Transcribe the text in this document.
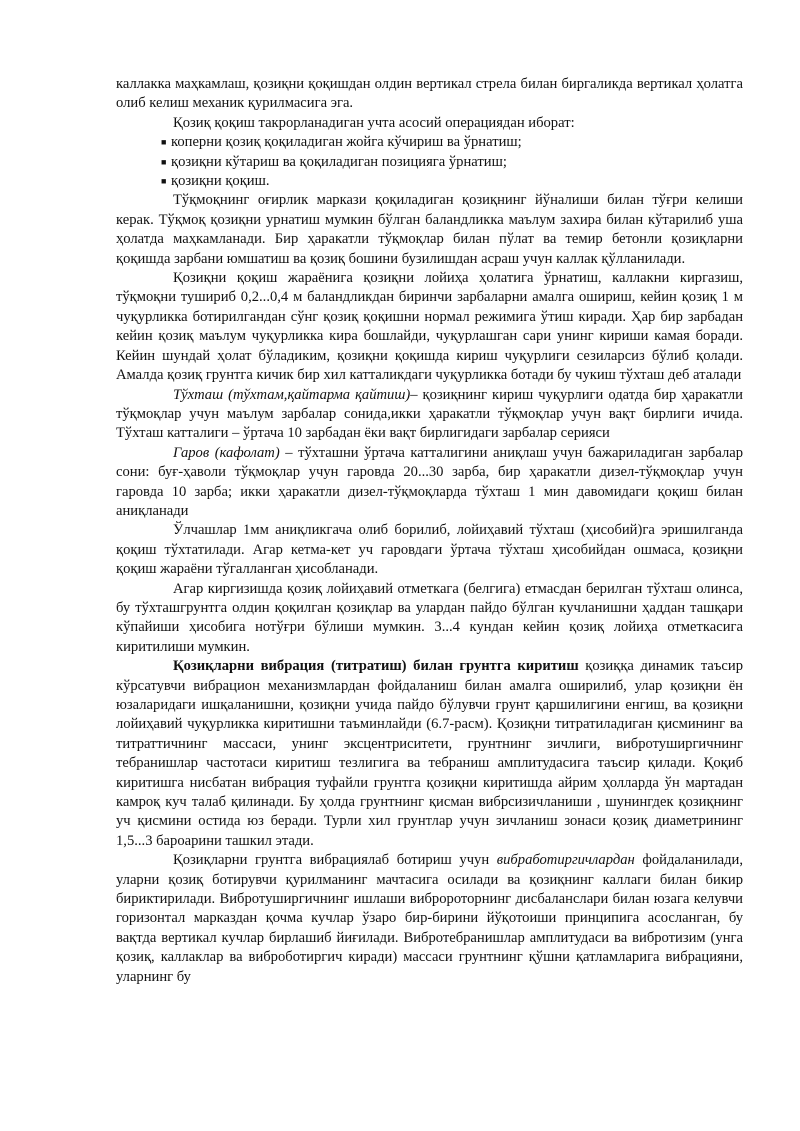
каллакка маҳкамлаш, қозиқни қоқишдан олдин вертикал стрела билан биргаликда вертикал ҳолатга олиб келиш механик қурилмасига эга.

Қозиқ қоқиш такрорланадиган учта асосий операциядан иборат:

■ коперни қозиқ қоқиладиган жойга кўчириш ва ўрнатиш;
■ қозиқни кўтариш ва қоқиладиган позицияга ўрнатиш;
■ қозиқни қоқиш.

Тўқмоқнинг оғирлик маркази қоқиладиган қозиқнинг йўналиши билан тўғри келиши керак. Тўқмоқ қозиқни урнатиш мумкин бўлган баландликка маълум захира билан кўтарилиб уша ҳолатда маҳкамланади. Бир ҳаракатли тўқмоқлар билан пўлат ва темир бетонли қозиқларни қоқишда зарбани юмшатиш ва қозиқ бошини бузилишдан асраш учун каллак қўлланилади.

Қозиқни қоқиш жараёнига қозиқни лойиҳа ҳолатига ўрнатиш, каллакни киргазиш, тўқмоқни тушириб 0,2...0,4 м баландликдан биринчи зарбаларни амалга ошириш, кейин қозиқ 1 м чуқурликка ботирилгандан сўнг қозиқ қоқишни нормал режимига ўтиш киради. Ҳар бир зарбадан кейин қозиқ маълум чуқурликка кира бошлайди, чуқурлашган сари унинг кириши камая боради. Кейин шундай ҳолат бўладиким, қозиқни қоқишда кириш чуқурлиги сезиларсиз бўлиб қолади. Амалда қозиқ грунтга кичик бир хил катталикдаги чуқурликка ботади бу чукиш тўхташ деб аталади

Тўхташ (тўхтам,қайтарма қайтиш)– қозиқнинг кириш чуқурлиги одатда бир ҳаракатли тўқмоқлар учун маълум зарбалар сонида,икки ҳаракатли тўқмоқлар учун вақт бирлиги ичида. Тўхташ катталиги – ўртача 10 зарбадан ёки вақт бирлигидаги зарбалар серияси

Гаров (кафолат) – тўхташни ўртача катталигини аниқлаш учун бажариладиган зарбалар сони: буғ-ҳаволи тўқмоқлар учун гаровда 20...30 зарба, бир ҳаракатли дизел-тўқмоқлар учун гаровда 10 зарба; икки ҳаракатли дизел-тўқмоқларда тўхташ 1 мин давомидаги қоқиш билан аниқланади

Ўлчашлар 1мм аниқликгача олиб борилиб, лойиҳавий тўхташ (ҳисобий)га эришилганда қоқиш тўхтатилади. Агар кетма-кет уч гаровдаги ўртача тўхташ ҳисобийдан ошмаса, қозиқни қоқиш жараёни тўгалланган ҳисобланади.

Агар киргизишда қозиқ лойиҳавий отметкага (белгига) етмасдан берилган тўхташ олинса, бу тўхташгрунтга олдин қоқилган қозиқлар ва улардан пайдо бўлган кучланишни ҳаддан ташқари кўпайиши ҳисобига нотўғри бўлиши мумкин. 3...4 кундан кейин қозиқ лойиҳа отметкасига киритилиши мумкин.

Қозиқларни вибрация (титратиш) билан грунтга киритиш қозиққа динамик таъсир кўрсатувчи вибрацион механизмлардан фойдаланиш билан амалга оширилиб, улар қозиқни ён юзаларидаги ишқаланишни, қозиқни учида пайдо бўлувчи грунт қаршилигини енгиш, ва қозиқни лойиҳавий чуқурликка киритишни таъминлайди (6.7-расм). Қозиқни титратиладиган қисмининг ва титраттичнинг массаси, унинг эксцентриситети, грунтнинг зичлиги, вибротуширгичнинг тебранишлар частотаси киритиш тезлигига ва тебраниш амплитудасига таъсир қилади. Қоқиб киритишга нисбатан вибрация туфайли грунтга қозиқни киритишда айрим ҳолларда ўн мартадан камроқ куч талаб қилинади. Бу ҳолда грунтнинг қисман вибрсизичланиши , шунингдек қозиқнинг уч қисмини остида юз беради. Турли хил грунтлар учун зичланиш зонаси қозиқ диаметрининг 1,5...3 бароарини ташкил этади.

Қозиқларни грунтга вибрациялаб ботириш учун вибработиргичлардан фойдаланилади, уларни қозиқ ботирувчи қурилманинг мачтасига осилади ва қозиқнинг каллаги билан бикир бириктирилади. Вибротуширгичнинг ишлаши вибророторнинг дисбаланслари билан юзага келувчи горизонтал марказдан қочма кучлар ўзаро бир-бирини йўқотоиши принципига асосланган, бу вақтда вертикал кучлар бирлашиб йиғилади. Вибротебранишлар амплитудаси ва вибротизим (унга қозиқ, каллаклар ва виброботиргич киради) массаси грунтнинг қўшни қатламларига вибрацияни, уларнинг бу
